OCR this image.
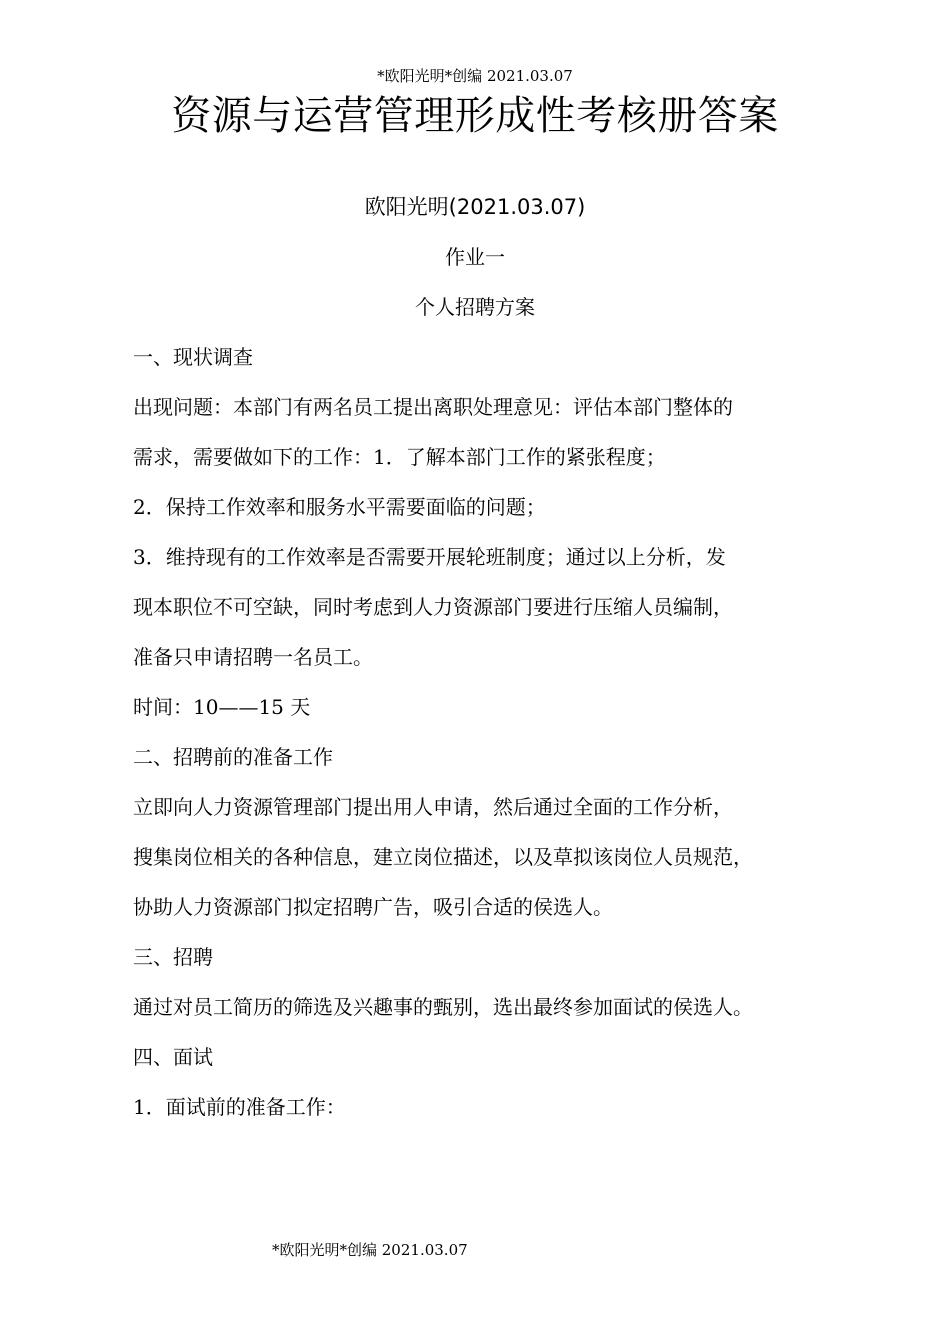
*欧阳光明*创编 2021.03.07
资源与运营管理形成性考核册答案
欧阳光明(2021.03.07)
作业一
个人招聘方案
一、现状调查
出现问题：本部门有两名员工提出离职处理意见：评估本部门整体的
需求，需要做如下的工作：1．了解本部门工作的紧张程度；
2．保持工作效率和服务水平需要面临的问题；
3．维持现有的工作效率是否需要开展轮班制度；通过以上分析，发
现本职位不可空缺，同时考虑到人力资源部门要进行压缩人员编制，
准备只申请招聘一名员工。
时间：10——15 天
二、招聘前的准备工作
立即向人力资源管理部门提出用人申请，然后通过全面的工作分析，
搜集岗位相关的各种信息，建立岗位描述，以及草拟该岗位人员规范，
协助人力资源部门拟定招聘广告，吸引合适的侯选人。
三、招聘
通过对员工简历的筛选及兴趣事的甄别，选出最终参加面试的侯选人。
四、面试
1．面试前的准备工作：
*欧阳光明*创编 2021.03.07
